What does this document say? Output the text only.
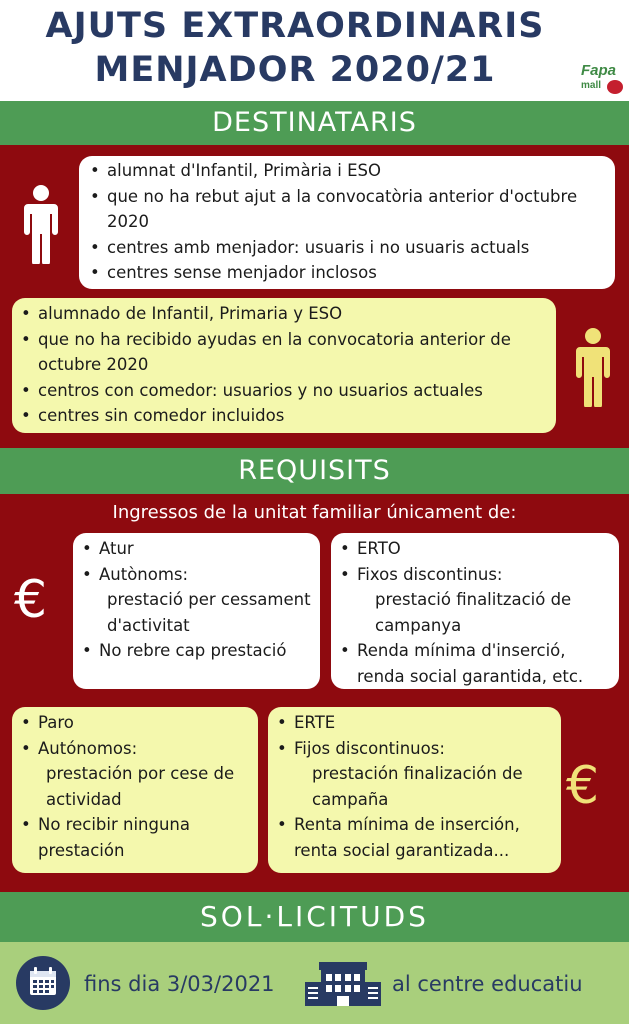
AJUTS EXTRAORDINARIS
MENJADOR 2020/21	Fapa
mall
DESTINATARIS
• alumnat d'Infantil, Primària i ESO
• que no ha rebut ajut a la convocatòria anterior d'octubre 2020
• centres amb menjador: usuaris i no usuaris actuals
• centres sense menjador inclosos
• alumnado de Infantil, Primaria y ESO
• que no ha recibido ayudas en la convocatoria anterior de octubre 2020
• centros con comedor: usuarios y no usuarios actuales
• centres sin comedor incluidos
REQUISITS
Ingressos de la unitat familiar únicament de:
€
• Atur
• Autònoms:
prestació per cessament d'activitat
• No rebre cap prestació
• ERTO
• Fixos discontinus:
prestació finalització de campanya
• Renda mínima d'inserció, renda social garantida, etc.
• Paro
• Autónomos:
prestación por cese de actividad
• No recibir ninguna prestación
• ERTE
• Fijos discontinuos:
prestación finalización de campaña
• Renta mínima de inserción, renta social garantizada...
€
SOL·LICITUDS
fins dia 3/03/2021	al centre educatiu
